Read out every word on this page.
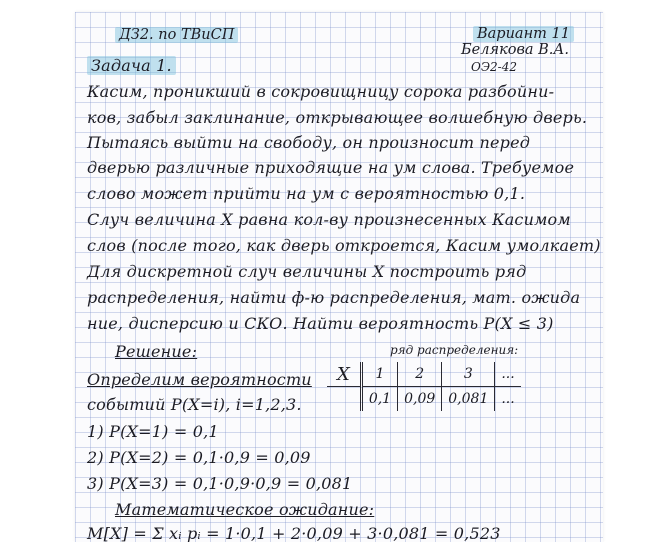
ДЗ2. по ТВиСП	Вариант 11

Белякова В.А.

ОЭ2-42

Задача 1.

Касим, проникший в сокровищницу сорока разбойни-

ков, забыл заклинание, открывающее волшебную дверь.

Пытаясь выйти на свободу, он произносит перед

дверью различные приходящие на ум слова. Требуемое

слово может прийти на ум с вероятностью 0,1.

Случ величина X равна кол-ву произнесенных Касимом

слов (после того, как дверь откроется, Касим умолкает)

Для дискретной случ величины X построить ряд

распределения, найти ф-ю распределения, мат. ожида

ние, дисперсию и СКО. Найти вероятность P(X ≤ 3)

Решение:	ряд распределения:

Определим вероятности

событий P(X=i), i=1,2,3.

1) P(X=1) = 0,1

2) P(X=2) = 0,1·0,9 = 0,09

3) P(X=3) = 0,1·0,9·0,9 = 0,081

Математическое ожидание:

M[X] = Σ xᵢ pᵢ = 1·0,1 + 2·0,09 + 3·0,081 = 0,523

X	1	2	3	...
	0,1	0,09	0,081	...
